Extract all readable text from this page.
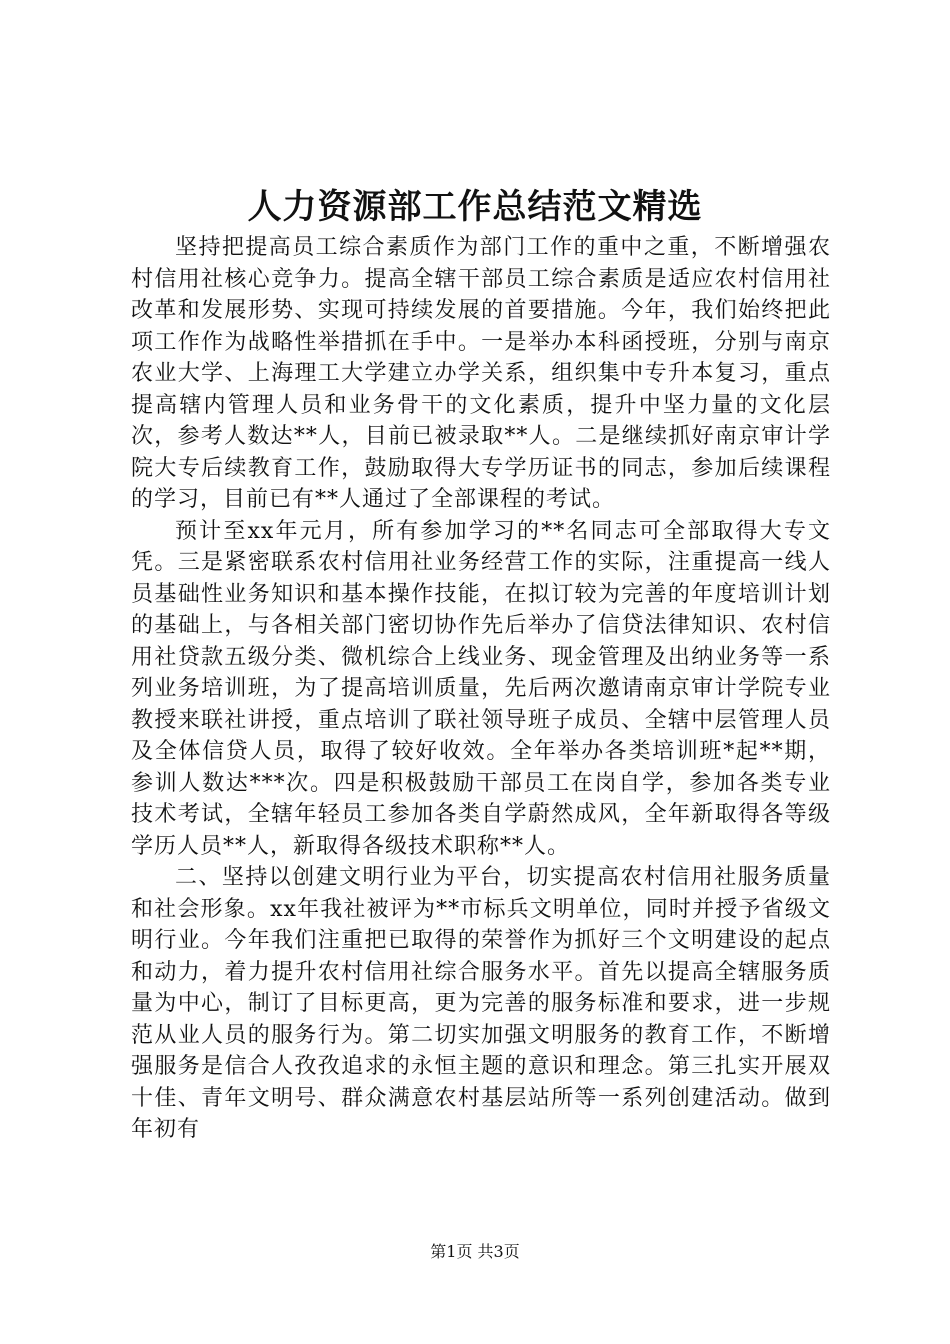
人力资源部工作总结范文精选

坚持把提高员工综合素质作为部门工作的重中之重，不断增强农村信用社核心竞争力。提高全辖干部员工综合素质是适应农村信用社改革和发展形势、实现可持续发展的首要措施。今年，我们始终把此项工作作为战略性举措抓在手中。一是举办本科函授班，分别与南京农业大学、上海理工大学建立办学关系，组织集中专升本复习，重点提高辖内管理人员和业务骨干的文化素质，提升中坚力量的文化层次，参考人数达**人，目前已被录取**人。二是继续抓好南京审计学院大专后续教育工作，鼓励取得大专学历证书的同志，参加后续课程的学习，目前已有**人通过了全部课程的考试。

预计至xx年元月，所有参加学习的**名同志可全部取得大专文凭。三是紧密联系农村信用社业务经营工作的实际，注重提高一线人员基础性业务知识和基本操作技能，在拟订较为完善的年度培训计划的基础上，与各相关部门密切协作先后举办了信贷法律知识、农村信用社贷款五级分类、微机综合上线业务、现金管理及出纳业务等一系列业务培训班，为了提高培训质量，先后两次邀请南京审计学院专业教授来联社讲授，重点培训了联社领导班子成员、全辖中层管理人员及全体信贷人员，取得了较好收效。全年举办各类培训班*起**期，参训人数达***次。四是积极鼓励干部员工在岗自学，参加各类专业技术考试，全辖年轻员工参加各类自学蔚然成风，全年新取得各等级学历人员**人，新取得各级技术职称**人。

二、坚持以创建文明行业为平台，切实提高农村信用社服务质量和社会形象。xx年我社被评为**市标兵文明单位，同时并授予省级文明行业。今年我们注重把已取得的荣誉作为抓好三个文明建设的起点和动力，着力提升农村信用社综合服务水平。首先以提高全辖服务质量为中心，制订了目标更高，更为完善的服务标准和要求，进一步规范从业人员的服务行为。第二切实加强文明服务的教育工作，不断增强服务是信合人孜孜追求的永恒主题的意识和理念。第三扎实开展双十佳、青年文明号、群众满意农村基层站所等一系列创建活动。做到年初有

第1页 共3页
